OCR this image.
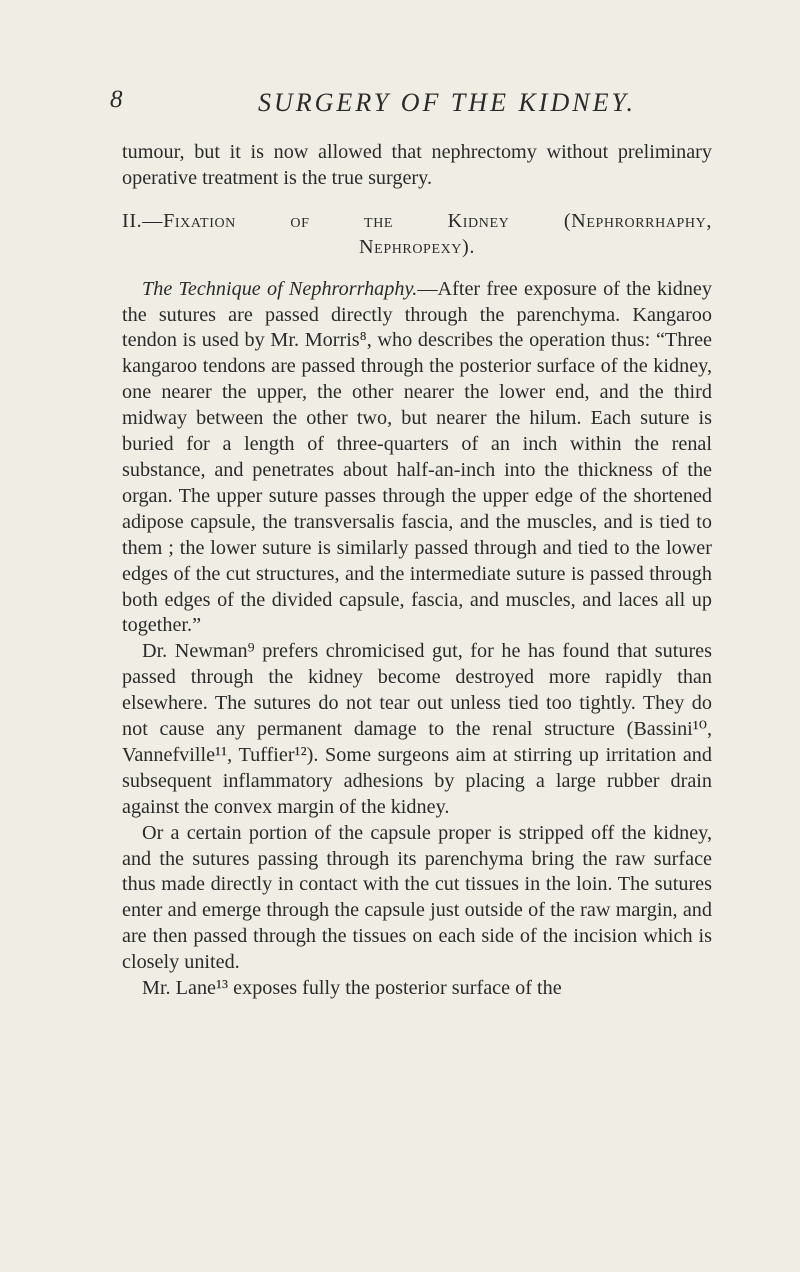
8	SURGERY OF THE KIDNEY.

tumour, but it is now allowed that nephrectomy without preliminary operative treatment is the true surgery.

II.—Fixation of the Kidney (Nephrorrhaphy,
Nephropexy).

The Technique of Nephrorrhaphy.—After free exposure of the kidney the sutures are passed directly through the parenchyma. Kangaroo tendon is used by Mr. Morris⁸, who describes the operation thus: “Three kangaroo tendons are passed through the posterior surface of the kidney, one nearer the upper, the other nearer the lower end, and the third midway between the other two, but nearer the hilum. Each suture is buried for a length of three-quarters of an inch within the renal substance, and penetrates about half-an-inch into the thickness of the organ. The upper suture passes through the upper edge of the shortened adipose capsule, the transversalis fascia, and the muscles, and is tied to them ; the lower suture is similarly passed through and tied to the lower edges of the cut structures, and the intermediate suture is passed through both edges of the divided capsule, fascia, and muscles, and laces all up together.”

Dr. Newman⁹ prefers chromicised gut, for he has found that sutures passed through the kidney become destroyed more rapidly than elsewhere. The sutures do not tear out unless tied too tightly. They do not cause any permanent damage to the renal structure (Bassini¹⁰, Vannefville¹¹, Tuffier¹²). Some surgeons aim at stirring up irritation and subsequent inflammatory adhesions by placing a large rubber drain against the convex margin of the kidney.

Or a certain portion of the capsule proper is stripped off the kidney, and the sutures passing through its parenchyma bring the raw surface thus made directly in contact with the cut tissues in the loin. The sutures enter and emerge through the capsule just outside of the raw margin, and are then passed through the tissues on each side of the incision which is closely united.

Mr. Lane¹³ exposes fully the posterior surface of the
